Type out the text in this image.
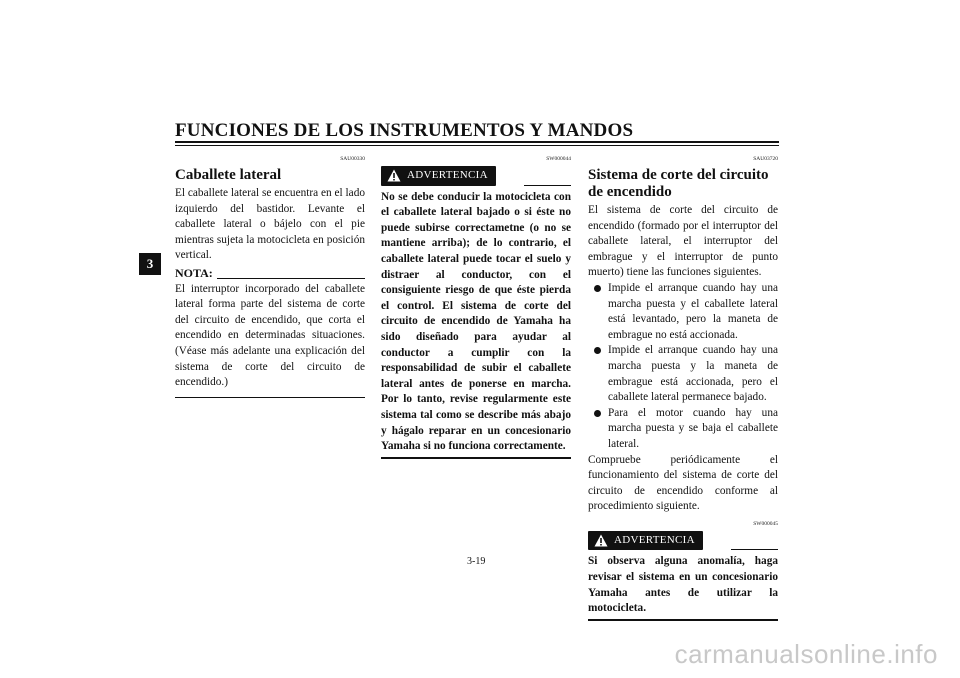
FUNCIONES DE LOS INSTRUMENTOS Y MANDOS
3
SAU00330
Caballete lateral

El caballete lateral se encuentra en el lado izquierdo del bastidor. Levante el caballete lateral o bájelo con el pie mientras sujeta la motocicleta en posición vertical.

NOTA:

El interruptor incorporado del caballete lateral forma parte del sistema de corte del circuito de encendido, que corta el encendido en determinadas situaciones. (Véase más adelante una explicación del sistema de corte del circuito de encendido.)

SW000044
ADVERTENCIA

No se debe conducir la motocicleta con el caballete lateral bajado o si éste no puede subirse correctametne (o no se mantiene arriba); de lo contrario, el caballete lateral puede tocar el suelo y distraer al conductor, con el consiguiente riesgo de que éste pierda el control. El sistema de corte del circuito de encendido de Yamaha ha sido diseñado para ayudar al conductor a cumplir con la responsabilidad de subir el caballete lateral antes de ponerse en marcha. Por lo tanto, revise regularmente este sistema tal como se describe más abajo y hágalo reparar en un concesionario Yamaha si no funciona correctamente.

SAU03720
Sistema de corte del circuito de encendido

El sistema de corte del circuito de encendido (formado por el interruptor del caballete lateral, el interruptor del embrague y el interruptor de punto muerto) tiene las funciones siguientes.

Impide el arranque cuando hay una marcha puesta y el caballete lateral está levantado, pero la maneta de embrague no está accionada.
Impide el arranque cuando hay una marcha puesta y la maneta de embrague está accionada, pero el caballete lateral permanece bajado.
Para el motor cuando hay una marcha puesta y se baja el caballete lateral.

Compruebe periódicamente el funcionamiento del sistema de corte del circuito de encendido conforme al procedimiento siguiente.

SW000045
ADVERTENCIA

Si observa alguna anomalía, haga revisar el sistema en un concesionario Yamaha antes de utilizar la motocicleta.

3-19
carmanualsonline.info
